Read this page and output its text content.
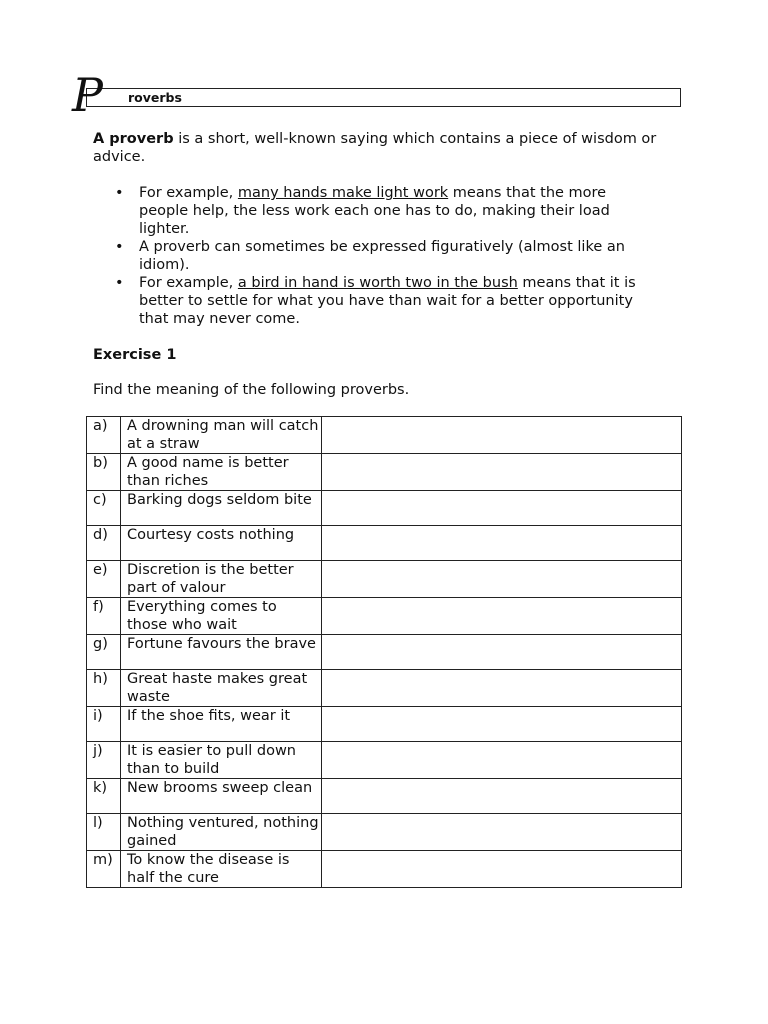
P roverbs

A proverb is a short, well-known saying which contains a piece of wisdom or advice.

• For example, many hands make light work means that the more people help, the less work each one has to do, making their load lighter.
• A proverb can sometimes be expressed figuratively (almost like an idiom).
• For example, a bird in hand is worth two in the bush means that it is better to settle for what you have than wait for a better opportunity that may never come.
Exercise 1
Find the meaning of the following proverbs.
a)	A drowning man will catch at a straw	
b)	A good name is better than riches	
c)	Barking dogs seldom bite	
d)	Courtesy costs nothing	
e)	Discretion is the better part of valour	
f)	Everything comes to those who wait	
g)	Fortune favours the brave	
h)	Great haste makes great waste	
i)	If the shoe fits, wear it	
j)	It is easier to pull down than to build	
k)	New brooms sweep clean	
l)	Nothing ventured, nothing gained	
m)	To know the disease is half the cure	
